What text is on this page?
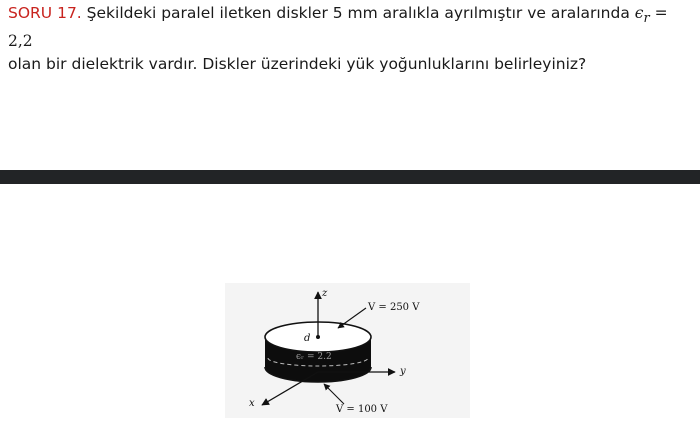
SORU 17. Şekildeki paralel iletken diskler 5 mm aralıkla ayrılmıştır ve aralarında $\epsilon_r = 2,2$
olan bir dielektrik vardır. Diskler üzerindeki yük yoğunluklarını belirleyiniz?
z
V = 250 V
d
ϵᵣ = 2.2
y
x
V = 100 V
